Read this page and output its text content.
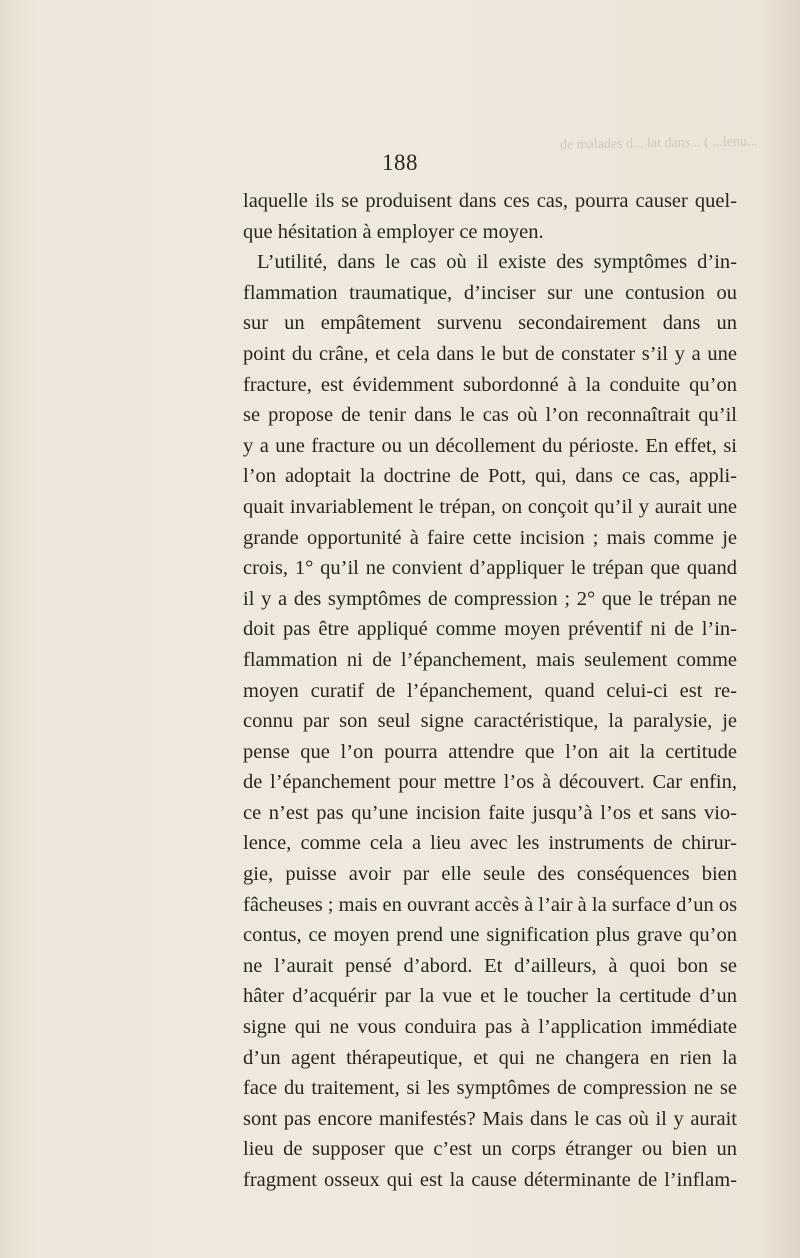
de malades d... lat dans... ( ...lenu...
188
laquelle ils se produisent dans ces cas, pourra causer quel-
que hésitation à employer ce moyen.
L’utilité, dans le cas où il existe des symptômes d’in-
flammation traumatique, d’inciser sur une contusion ou
sur un empâtement survenu secondairement dans un
point du crâne, et cela dans le but de constater s’il y a une
fracture, est évidemment subordonné à la conduite qu’on
se propose de tenir dans le cas où l’on reconnaîtrait qu’il
y a une fracture ou un décollement du périoste. En effet, si
l’on adoptait la doctrine de Pott, qui, dans ce cas, appli-
quait invariablement le trépan, on conçoit qu’il y aurait une
grande opportunité à faire cette incision ; mais comme je
crois, 1° qu’il ne convient d’appliquer le trépan que quand
il y a des symptômes de compression ; 2° que le trépan ne
doit pas être appliqué comme moyen préventif ni de l’in-
flammation ni de l’épanchement, mais seulement comme
moyen curatif de l’épanchement, quand celui-ci est re-
connu par son seul signe caractéristique, la paralysie, je
pense que l’on pourra attendre que l’on ait la certitude
de l’épanchement pour mettre l’os à découvert. Car enfin,
ce n’est pas qu’une incision faite jusqu’à l’os et sans vio-
lence, comme cela a lieu avec les instruments de chirur-
gie, puisse avoir par elle seule des conséquences bien
fâcheuses ; mais en ouvrant accès à l’air à la surface d’un os
contus, ce moyen prend une signification plus grave qu’on
ne l’aurait pensé d’abord. Et d’ailleurs, à quoi bon se
hâter d’acquérir par la vue et le toucher la certitude d’un
signe qui ne vous conduira pas à l’application immédiate
d’un agent thérapeutique, et qui ne changera en rien la
face du traitement, si les symptômes de compression ne se
sont pas encore manifestés? Mais dans le cas où il y aurait
lieu de supposer que c’est un corps étranger ou bien un
fragment osseux qui est la cause déterminante de l’inflam-
